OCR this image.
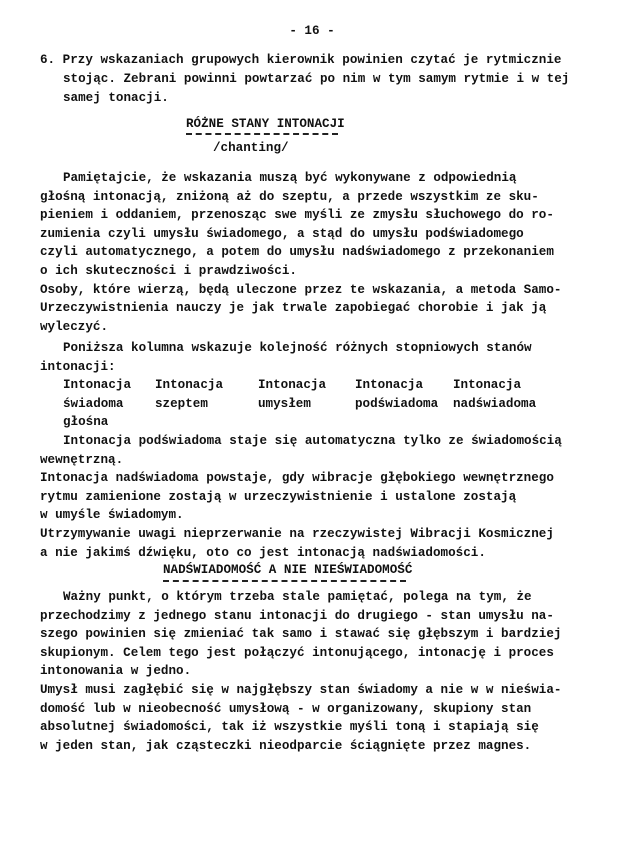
- 16 -
6. Przy wskazaniach grupowych kierownik powinien czytać je rytmicznie
stojąc. Zebrani powinni powtarzać po nim w tym samym rytmie i w tej
samej tonacji.
RÓŻNE STANY INTONACJI
/chanting/
Pamiętajcie, że wskazania muszą być wykonywane z odpowiednią
głośną intonacją, zniżoną aż do szeptu, a przede wszystkim ze sku-
pieniem i oddaniem, przenosząc swe myśli ze zmysłu słuchowego do ro-
zumienia czyli umysłu świadomego, a stąd do umysłu podświadomego
czyli automatycznego, a potem do umysłu nadświadomego z przekonaniem
o ich skuteczności i prawdziwości.
Osoby, które wierzą, będą uleczone przez te wskazania, a metoda Samo-
Urzeczywistnienia nauczy je jak trwale zapobiegać chorobie i jak ją
wyleczyć.
Poniższa kolumna wskazuje kolejność różnych stopniowych stanów
intonacji:
Intonacja
świadoma
głośna
Intonacja
szeptem
Intonacja
umysłem
Intonacja
podświadoma
Intonacja
nadświadoma
Intonacja podświadoma staje się automatyczna tylko ze świadomością
wewnętrzną.
Intonacja nadświadoma powstaje, gdy wibracje głębokiego wewnętrznego
rytmu zamienione zostają w urzeczywistnienie i ustalone zostają
w umyśle świadomym.
Utrzymywanie uwagi nieprzerwanie na rzeczywistej Wibracji Kosmicznej
a nie jakimś dźwięku, oto co jest intonacją nadświadomości.
NADŚWIADOMOŚĆ A NIE NIEŚWIADOMOŚĆ
Ważny punkt, o którym trzeba stale pamiętać, polega na tym, że
przechodzimy z jednego stanu intonacji do drugiego - stan umysłu na-
szego powinien się zmieniać tak samo i stawać się głębszym i bardziej
skupionym. Celem tego jest połączyć intonującego, intonację i proces
intonowania w jedno.
Umysł musi zagłębić się w najgłębszy stan świadomy a nie w w nieświa-
domość lub w nieobecność umysłową - w organizowany, skupiony stan
absolutnej świadomości, tak iż wszystkie myśli toną i stapiają się
w jeden stan, jak cząsteczki nieodparcie ściągnięte przez magnes.
